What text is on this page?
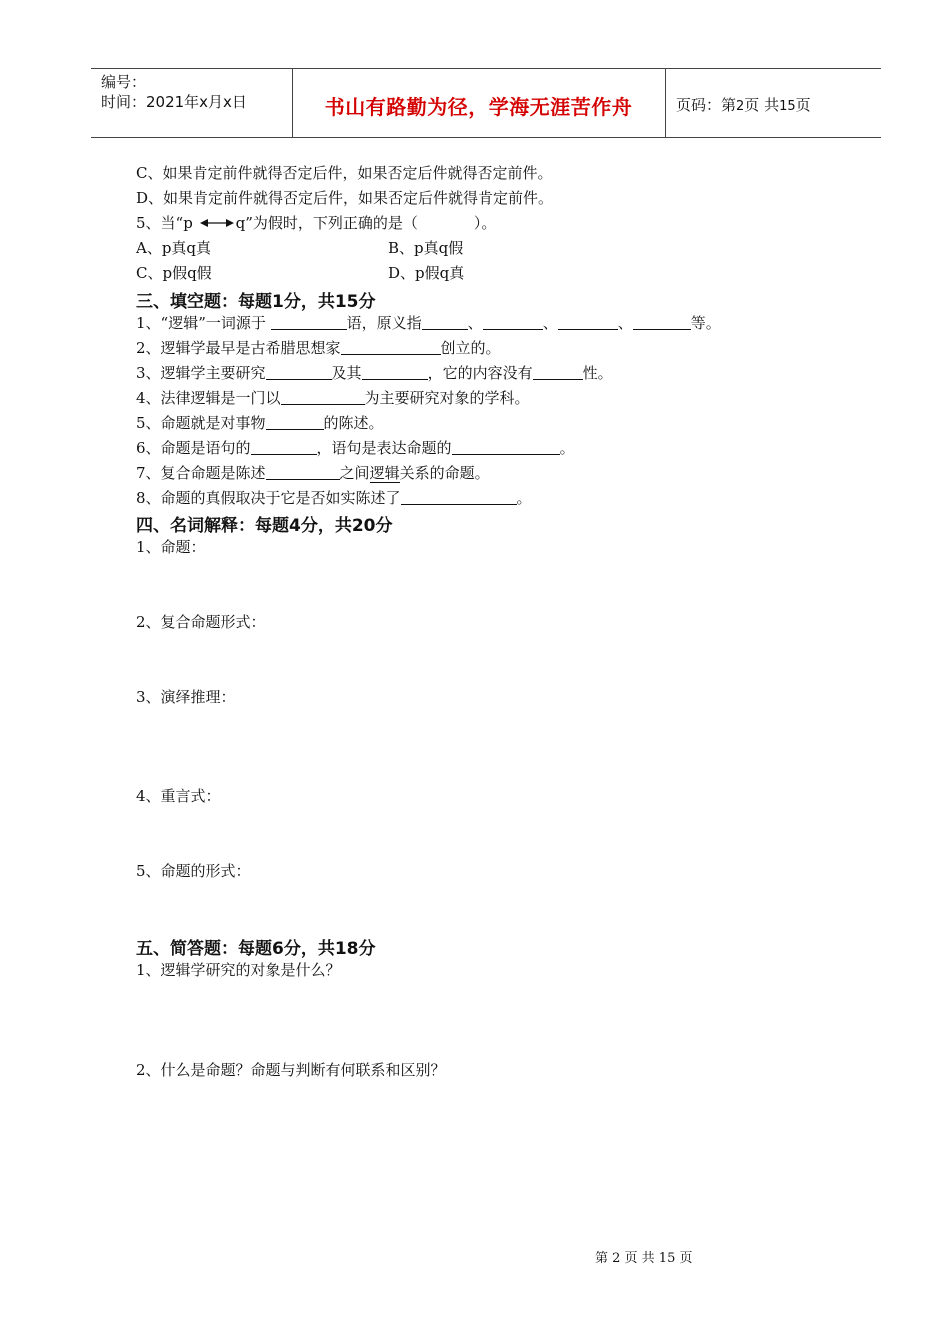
编号：
时间：2021年x月x日	书山有路勤为径，学海无涯苦作舟	页码：第2页 共15页
C、如果肯定前件就得否定后件，如果否定后件就得否定前件。
D、如果肯定前件就得否定后件，如果否定后件就得肯定前件。
5、当“p	q”为假时，下列正确的是（	）。
A、p真q真	B、p真q假
C、p假q假	D、p假q真
三、填空题：每题1分，共15分
1、“逻辑”一词源于	语，原义指	、	、	、	等。
2、逻辑学最早是古希腊思想家	创立的。
3、逻辑学主要研究	及其	，它的内容没有	性。
4、法律逻辑是一门以	为主要研究对象的学科。
5、命题就是对事物	的陈述。
6、命题是语句的	，语句是表达命题的	。
7、复合命题是陈述	之间逻辑关系的命题。
8、命题的真假取决于它是否如实陈述了	。
四、名词解释：每题4分，共20分
1、命题：
2、复合命题形式：
3、演绎推理：
4、重言式：
5、命题的形式：
五、简答题：每题6分，共18分
1、逻辑学研究的对象是什么？
2、什么是命题？命题与判断有何联系和区别？
第 2 页 共 15 页
